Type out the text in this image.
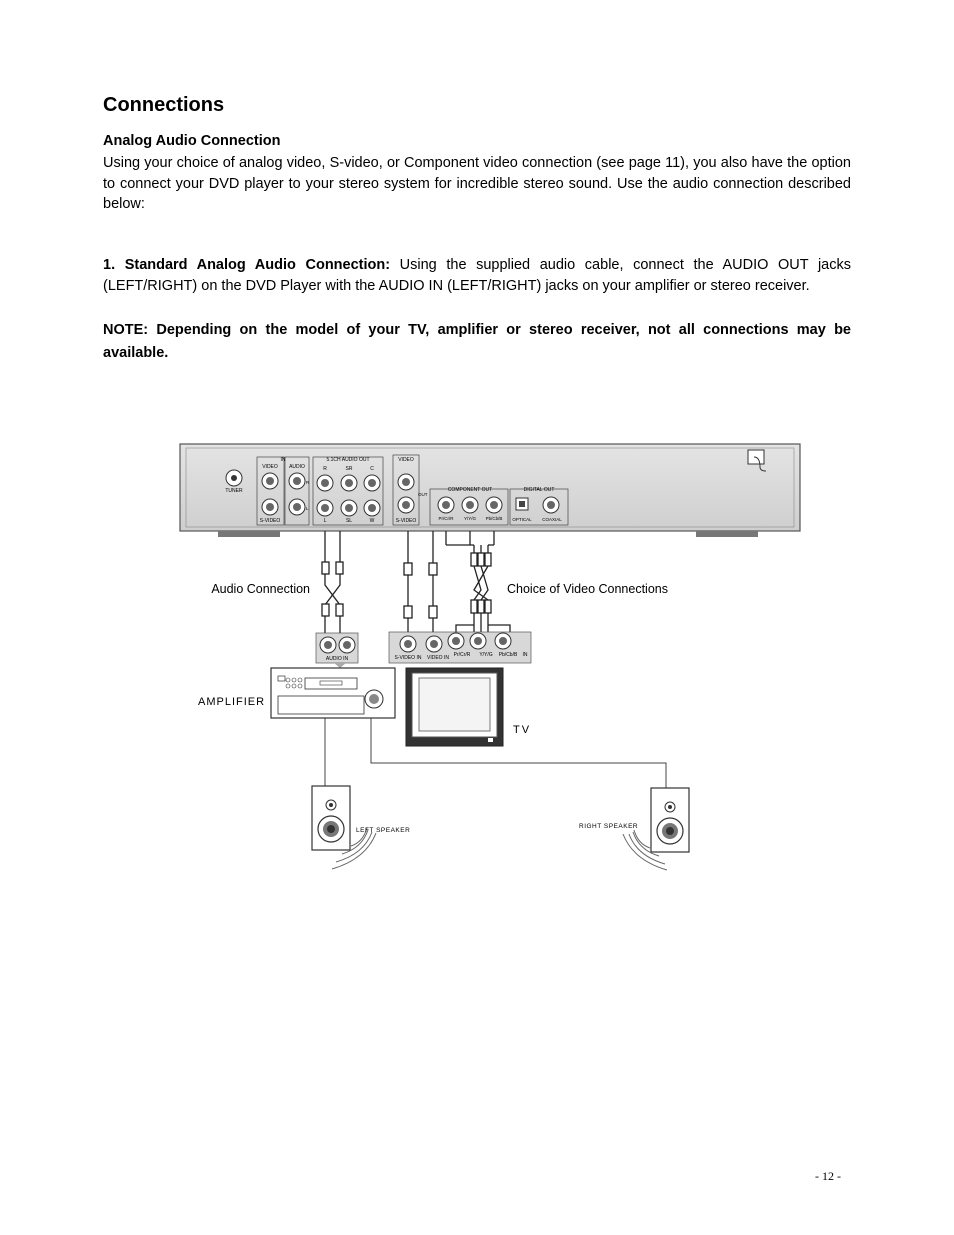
Connections
Analog Audio Connection

Using your choice of analog video, S-video, or Component video connection (see page 11), you also have the option to connect your DVD player to your stereo system for incredible stereo sound. Use the audio connection described below:

1. Standard Analog Audio Connection: Using the supplied audio cable, connect the AUDIO OUT jacks (LEFT/RIGHT) on the DVD Player with the AUDIO IN (LEFT/RIGHT) jacks on your amplifier or stereo receiver.

NOTE: Depending on the model of your TV, amplifier or stereo receiver, not all connections may be available.

TUNER
IN
VIDEO AUDIO
S-VIDEO
R
L
5.1CH AUDIO OUT
R	SR	C
L	SL	W
VIDEO
S-VIDEO
OUT
COMPONENT OUT
Pr/Cr/R Y/Y/G Pb/Cb/B
DIGITAL OUT
OPTICAL COAXIAL
Audio Connection	Choice of Video Connections
AUDIO IN	S-VIDEO IN VIDEO IN Pr/Cr/R Y/Y/G Pb/Cb/B IN
AMPLIFIER
TV
LEFT SPEAKER
RIGHT SPEAKER
- 12 -
